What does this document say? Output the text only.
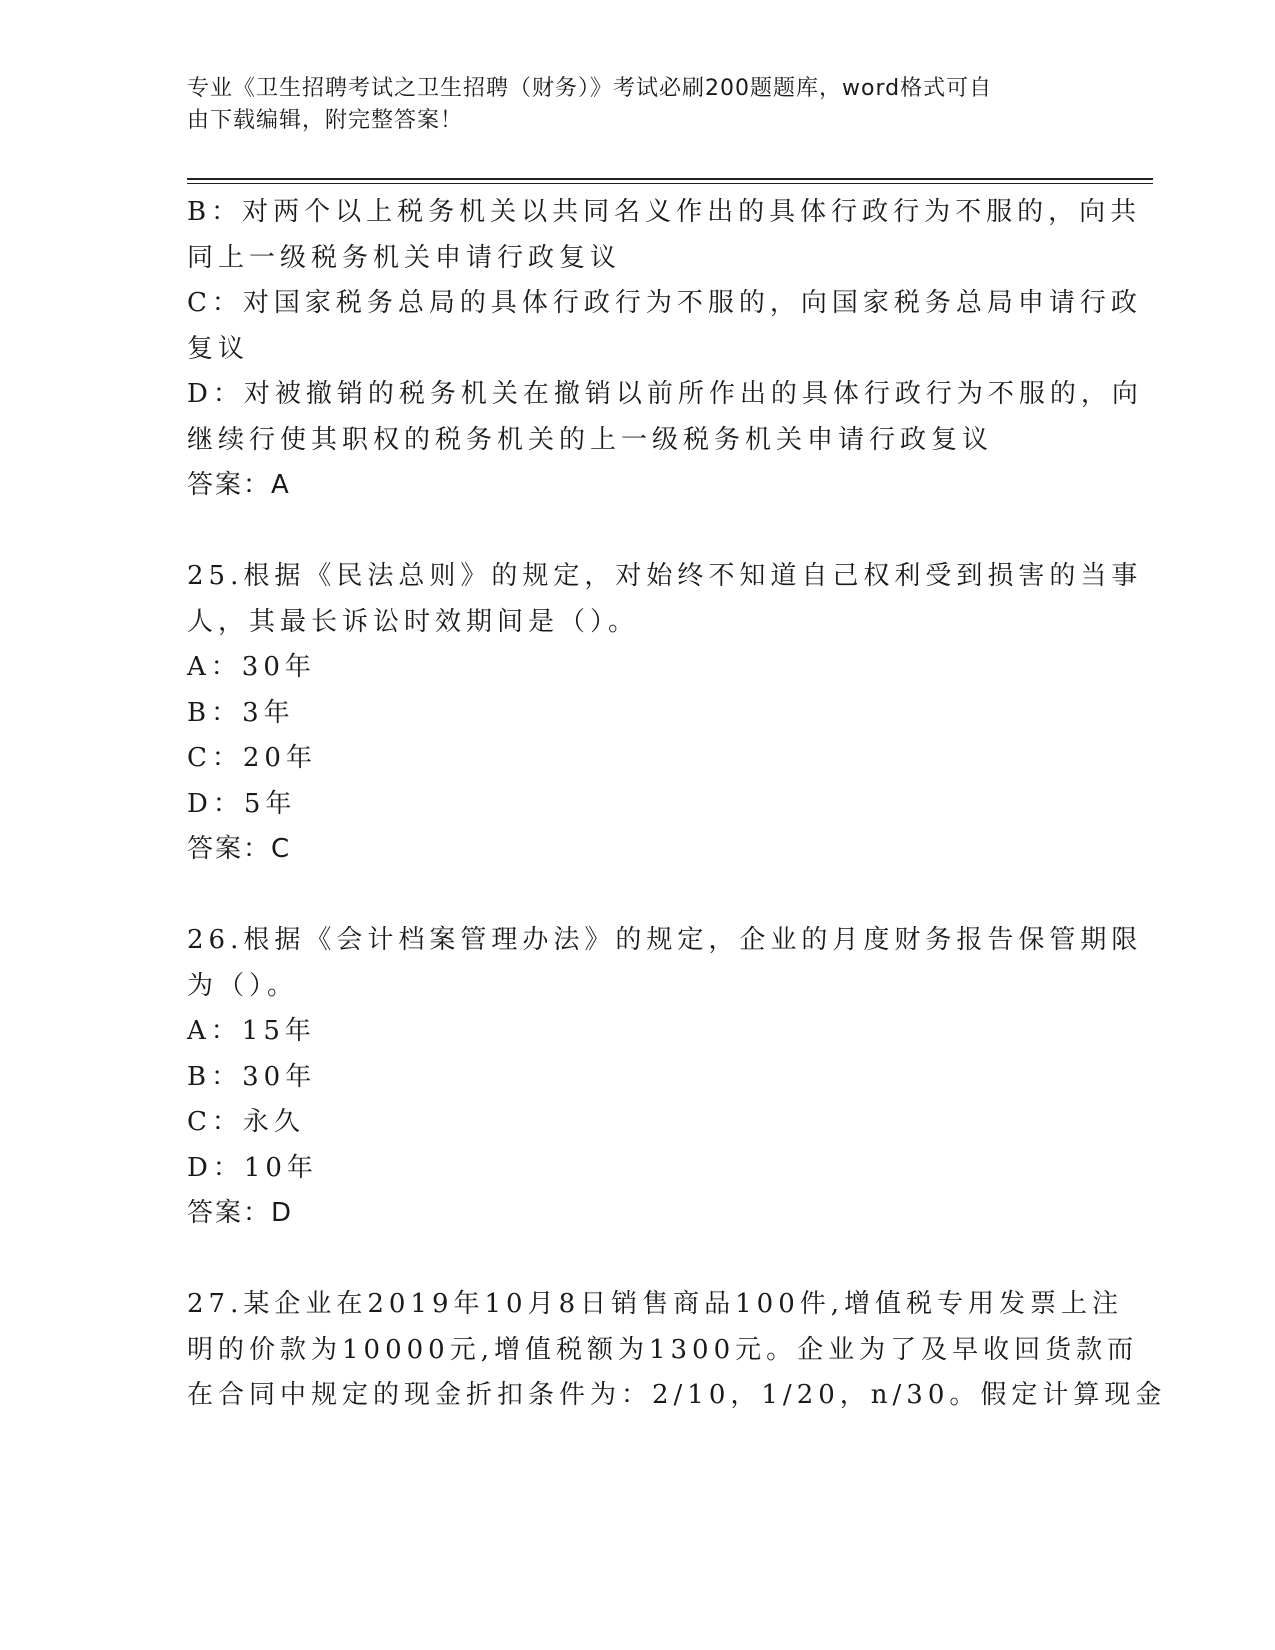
专业《卫生招聘考试之卫生招聘（财务）》考试必刷200题题库，word格式可自
由下载编辑，附完整答案！
B：对两个以上税务机关以共同名义作出的具体行政行为不服的，向共
同上一级税务机关申请行政复议
C：对国家税务总局的具体行政行为不服的，向国家税务总局申请行政
复议
D：对被撤销的税务机关在撤销以前所作出的具体行政行为不服的，向
继续行使其职权的税务机关的上一级税务机关申请行政复议
答案：A
25.根据《民法总则》的规定，对始终不知道自己权利受到损害的当事
人，其最长诉讼时效期间是（）。
A：30年
B：3年
C：20年
D：5年
答案：C
26.根据《会计档案管理办法》的规定，企业的月度财务报告保管期限
为（）。
A：15年
B：30年
C：永久
D：10年
答案：D
27.某企业在2019年10月8日销售商品100件,增值税专用发票上注
明的价款为10000元,增值税额为1300元。企业为了及早收回货款而
在合同中规定的现金折扣条件为：2/10，1/20，n/30。假定计算现金
